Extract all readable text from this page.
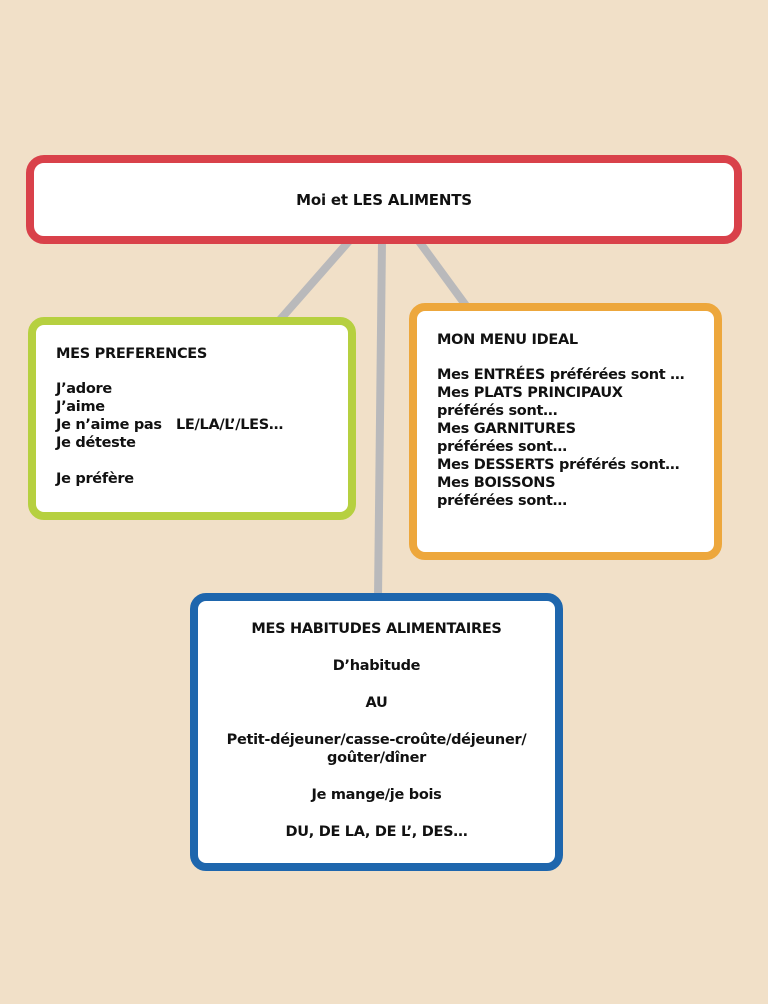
Moi et LES ALIMENTS
MES PREFERENCES
J’adore
J’aime
Je n’aime pas   LE/LA/L’/LES…
Je déteste
Je préfère
MON MENU IDEAL
Mes ENTRÉES préférées sont …
Mes PLATS PRINCIPAUX
préférés sont…
Mes GARNITURES
préférées sont…
Mes DESSERTS préférés sont…
Mes BOISSONS
préférées sont…
MES HABITUDES ALIMENTAIRES
D’habitude
AU
Petit-déjeuner/casse-croûte/déjeuner/
goûter/dîner
Je mange/je bois
DU, DE LA, DE L’, DES…
